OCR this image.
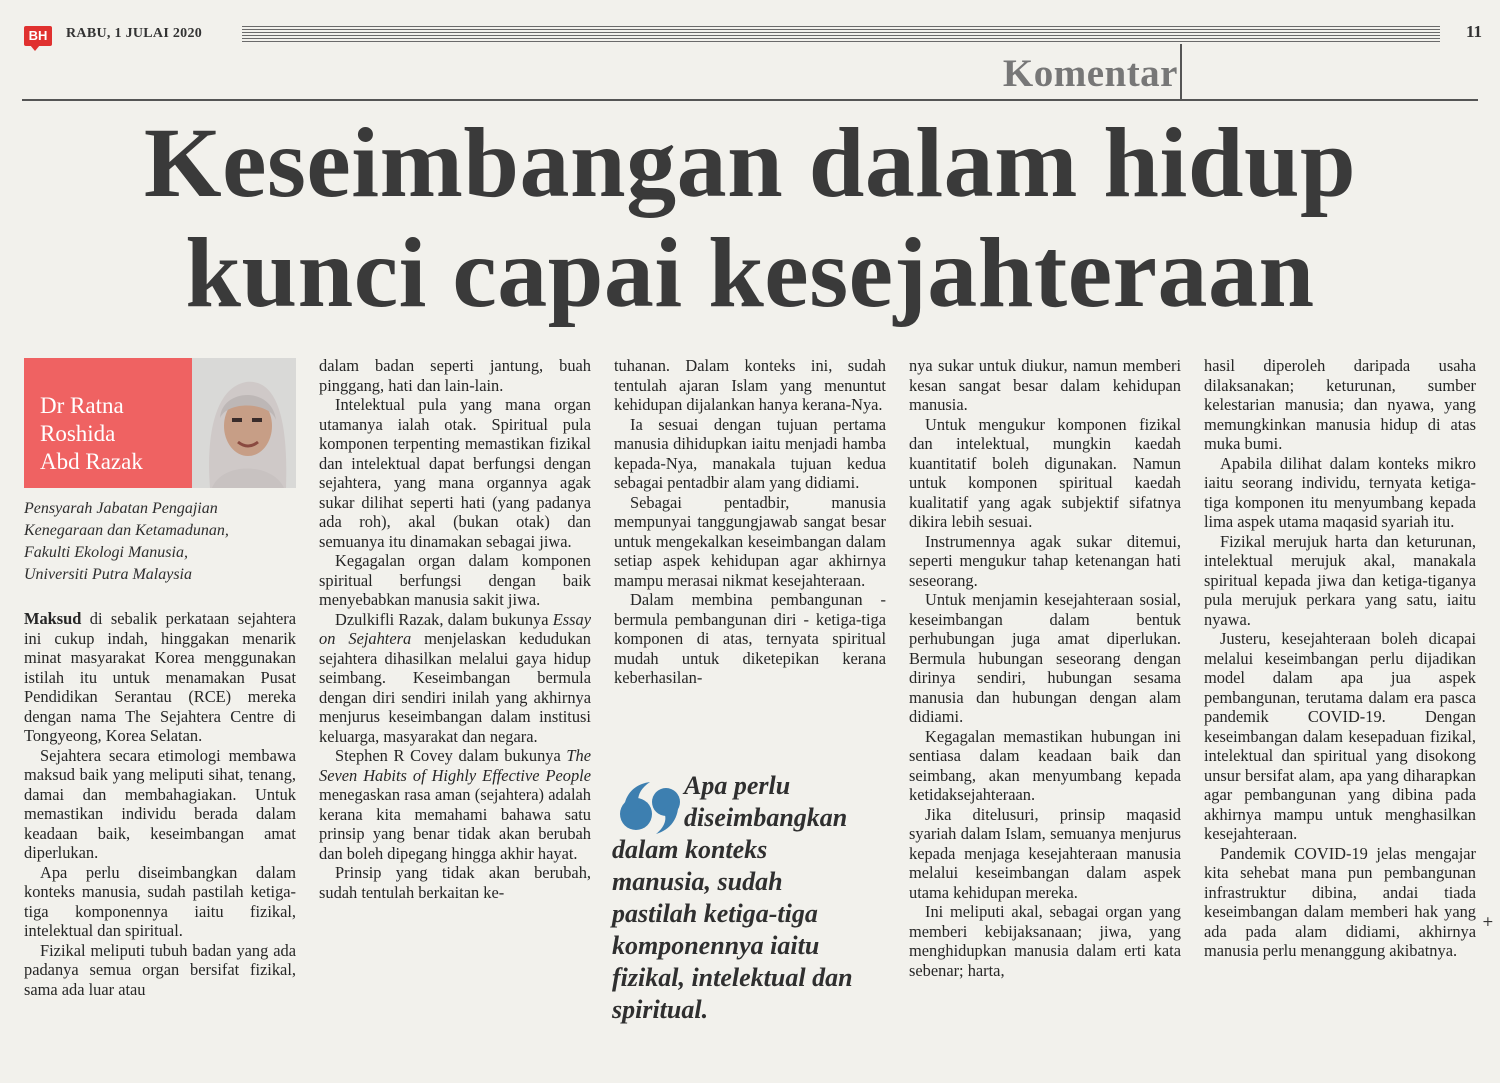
BH	RABU, 1 JULAI 2020	11
Komentar
Keseimbangan dalam hidup
kunci capai kesejahteraan
Dr Ratna
Roshida
Abd Razak

Pensyarah Jabatan Pengajian
Kenegaraan dan Ketamadunan,
Fakulti Ekologi Manusia,
Universiti Putra Malaysia

Maksud di sebalik perkataan sejahtera ini cukup indah, hinggakan menarik minat masyarakat Korea menggunakan istilah itu untuk menamakan Pusat Pendidikan Serantau (RCE) mereka dengan nama The Sejahtera Centre di Tongyeong, Korea Selatan.

Sejahtera secara etimologi membawa maksud baik yang meliputi sihat, tenang, damai dan membahagiakan. Untuk memastikan individu berada dalam keadaan baik, keseimbangan amat diperlukan.

Apa perlu diseimbangkan dalam konteks manusia, sudah pastilah ketiga-tiga komponennya iaitu fizikal, intelektual dan spiritual.

Fizikal meliputi tubuh badan yang ada padanya semua organ bersifat fizikal, sama ada luar atau

dalam badan seperti jantung, buah pinggang, hati dan lain-lain.

Intelektual pula yang mana organ utamanya ialah otak. Spiritual pula komponen terpenting memastikan fizikal dan intelektual dapat berfungsi dengan sejahtera, yang mana organnya agak sukar dilihat seperti hati (yang padanya ada roh), akal (bukan otak) dan semuanya itu dinamakan sebagai jiwa.

Kegagalan organ dalam komponen spiritual berfungsi dengan baik menyebabkan manusia sakit jiwa.

Dzulkifli Razak, dalam bukunya Essay on Sejahtera menjelaskan kedudukan sejahtera dihasilkan melalui gaya hidup seimbang. Keseimbangan bermula dengan diri sendiri inilah yang akhirnya menjurus keseimbangan dalam institusi keluarga, masyarakat dan negara.

Stephen R Covey dalam bukunya The Seven Habits of Highly Effective People menegaskan rasa aman (sejahtera) adalah kerana kita memahami bahawa satu prinsip yang benar tidak akan berubah dan boleh dipegang hingga akhir hayat.

Prinsip yang tidak akan berubah, sudah tentulah berkaitan ke-

tuhanan. Dalam konteks ini, sudah tentulah ajaran Islam yang menuntut kehidupan dijalankan hanya kerana-Nya.

Ia sesuai dengan tujuan pertama manusia dihidupkan iaitu menjadi hamba kepada-Nya, manakala tujuan kedua sebagai pentadbir alam yang didiami.

Sebagai pentadbir, manusia mempunyai tanggungjawab sangat besar untuk mengekalkan keseimbangan dalam setiap aspek kehidupan agar akhirnya mampu merasai nikmat kesejahteraan.

Dalam membina pembangunan - bermula pembangunan diri - ketiga-tiga komponen di atas, ternyata spiritual mudah untuk diketepikan kerana keberhasilan-

Apa perlu
diseimbangkan
dalam konteks
manusia, sudah
pastilah ketiga-tiga
komponennya iaitu
fizikal, intelektual dan
spiritual.

nya sukar untuk diukur, namun memberi kesan sangat besar dalam kehidupan manusia.

Untuk mengukur komponen fizikal dan intelektual, mungkin kaedah kuantitatif boleh digunakan. Namun untuk komponen spiritual kaedah kualitatif yang agak subjektif sifatnya dikira lebih sesuai.

Instrumennya agak sukar ditemui, seperti mengukur tahap ketenangan hati seseorang.

Untuk menjamin kesejahteraan sosial, keseimbangan dalam bentuk perhubungan juga amat diperlukan. Bermula hubungan seseorang dengan dirinya sendiri, hubungan sesama manusia dan hubungan dengan alam didiami.

Kegagalan memastikan hubungan ini sentiasa dalam keadaan baik dan seimbang, akan menyumbang kepada ketidaksejahteraan.

Jika ditelusuri, prinsip maqasid syariah dalam Islam, semuanya menjurus kepada menjaga kesejahteraan manusia melalui keseimbangan dalam aspek utama kehidupan mereka.

Ini meliputi akal, sebagai organ yang memberi kebijaksanaan; jiwa, yang menghidupkan manusia dalam erti kata sebenar; harta,

hasil diperoleh daripada usaha dilaksanakan; keturunan, sumber kelestarian manusia; dan nyawa, yang memungkinkan manusia hidup di atas muka bumi.

Apabila dilihat dalam konteks mikro iaitu seorang individu, ternyata ketiga-tiga komponen itu menyumbang kepada lima aspek utama maqasid syariah itu.

Fizikal merujuk harta dan keturunan, intelektual merujuk akal, manakala spiritual kepada jiwa dan ketiga-tiganya pula merujuk perkara yang satu, iaitu nyawa.

Justeru, kesejahteraan boleh dicapai melalui keseimbangan perlu dijadikan model dalam apa jua aspek pembangunan, terutama dalam era pasca pandemik COVID-19. Dengan keseimbangan dalam kesepaduan fizikal, intelektual dan spiritual yang disokong unsur bersifat alam, apa yang diharapkan agar pembangunan yang dibina pada akhirnya mampu untuk menghasilkan kesejahteraan.

Pandemik COVID-19 jelas mengajar kita sehebat mana pun pembangunan infrastruktur dibina, andai tiada keseimbangan dalam memberi hak yang ada pada alam didiami, akhirnya manusia perlu menanggung akibatnya.

+
